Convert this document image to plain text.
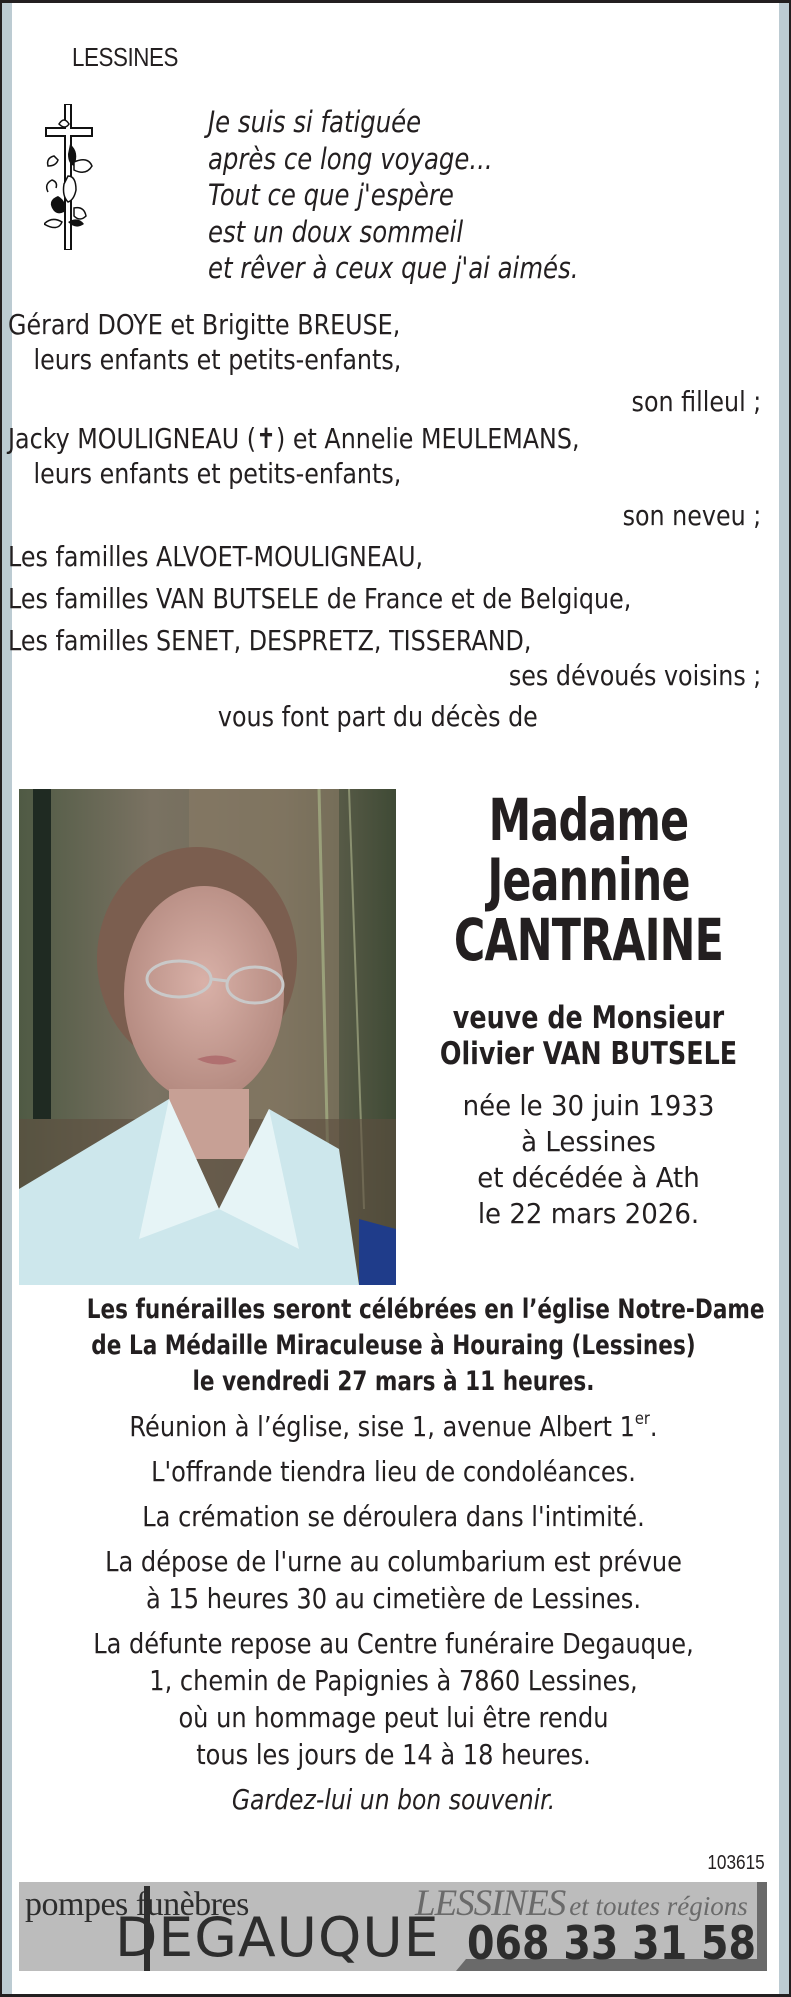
LESSINES
Je suis si fatiguée
après ce long voyage...
Tout ce que j'espère
est un doux sommeil
et rêver à ceux que j'ai aimés.
Gérard DOYE et Brigitte BREUSE,
leurs enfants et petits-enfants,
son filleul ;
Jacky MOULIGNEAU (✝) et Annelie MEULEMANS,
leurs enfants et petits-enfants,
son neveu ;
Les familles ALVOET-MOULIGNEAU,
Les familles VAN BUTSELE de France et de Belgique,
Les familles SENET, DESPRETZ, TISSERAND,
ses dévoués voisins ;
vous font part du décès de
Madame
Jeannine
CANTRAINE
veuve de Monsieur
Olivier VAN BUTSELE
née le 30 juin 1933
à Lessines
et décédée à Ath
le 22 mars 2026.
Les funérailles seront célébrées en l’église Notre-Dame
de La Médaille Miraculeuse à Houraing (Lessines)
le vendredi 27 mars à 11 heures.
Réunion à l’église, sise 1, avenue Albert 1er.
L'offrande tiendra lieu de condoléances.
La crémation se déroulera dans l'intimité.
La dépose de l'urne au columbarium est prévue
à 15 heures 30 au cimetière de Lessines.
La défunte repose au Centre funéraire Degauque,
1, chemin de Papignies à 7860 Lessines,
où un hommage peut lui être rendu
tous les jours de 14 à 18 heures.
Gardez-lui un bon souvenir.
103615
pompes funèbres
DEGAUQUE
LESSINES et toutes régions
068 33 31 58
